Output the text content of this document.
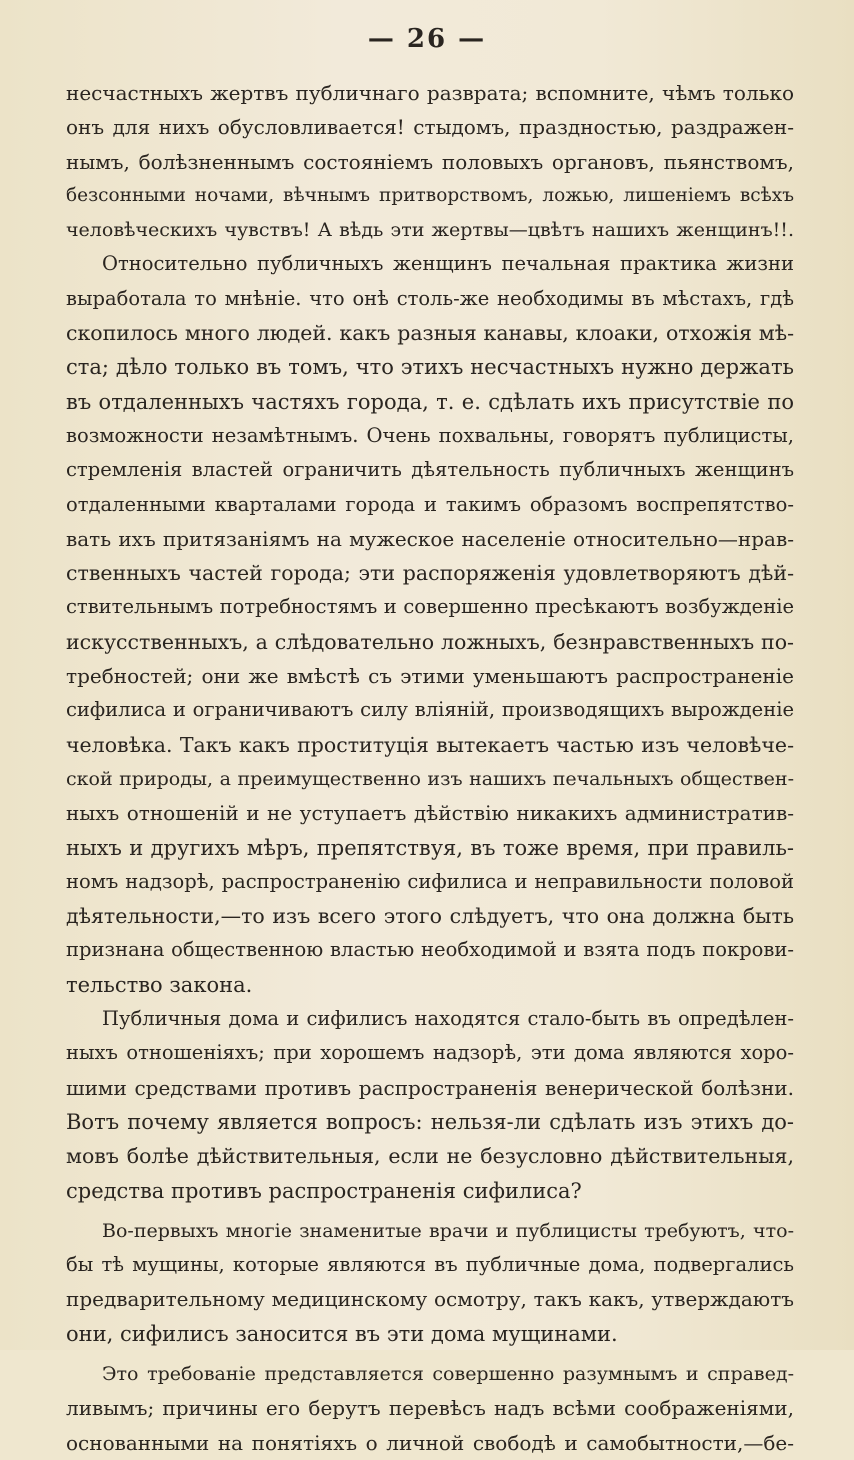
— 26 —
несчастныхъ жертвъ публичнаго разврата; вспомните, чѣмъ только
онъ для нихъ обусловливается! стыдомъ, праздностью, раздражен-
нымъ, болѣзненнымъ состояніемъ половыхъ органовъ, пьянствомъ,
безсонными ночами, вѣчнымъ притворствомъ, ложью, лишеніемъ всѣхъ
человѣческихъ чувствъ! А вѣдь эти жертвы—цвѣтъ нашихъ женщинъ!!.
Относительно публичныхъ женщинъ печальная практика жизни
выработала то мнѣніе. что онѣ столь-же необходимы въ мѣстахъ, гдѣ
скопилось много людей. какъ разныя канавы, клоаки, отхожія мѣ-
ста; дѣло только въ томъ, что этихъ несчастныхъ нужно держать
въ отдаленныхъ частяхъ города, т. е. сдѣлать ихъ присутствіе по
возможности незамѣтнымъ. Очень похвальны, говорятъ публицисты,
стремленія властей ограничить дѣятельность публичныхъ женщинъ
отдаленными кварталами города и такимъ образомъ воспрепятство-
вать ихъ притязаніямъ на мужеское населеніе относительно—нрав-
ственныхъ частей города; эти распоряженія удовлетворяютъ дѣй-
ствительнымъ потребностямъ и совершенно пресѣкаютъ возбужденіе
искусственныхъ, а слѣдовательно ложныхъ, безнравственныхъ по-
требностей; они же вмѣстѣ съ этими уменьшаютъ распространеніе
сифилиса и ограничиваютъ силу вліяній, производящихъ вырожденіе
человѣка. Такъ какъ проституція вытекаетъ частью изъ человѣче-
ской природы, а преимущественно изъ нашихъ печальныхъ обществен-
ныхъ отношеній и не уступаетъ дѣйствію никакихъ административ-
ныхъ и другихъ мѣръ, препятствуя, въ тоже время, при правиль-
номъ надзорѣ, распространенію сифилиса и неправильности половой
дѣятельности,—то изъ всего этого слѣдуетъ, что она должна быть
признана общественною властью необходимой и взята подъ покрови-
тельство закона.
Публичныя дома и сифилисъ находятся стало-быть въ опредѣлен-
ныхъ отношеніяхъ; при хорошемъ надзорѣ, эти дома являются хоро-
шими средствами противъ распространенія венерической болѣзни.
Вотъ почему является вопросъ: нельзя-ли сдѣлать изъ этихъ до-
мовъ болѣе дѣйствительныя, если не безусловно дѣйствительныя,
средства противъ распространенія сифилиса?
Во-первыхъ многіе знаменитые врачи и публицисты требуютъ, что-
бы тѣ мущины, которые являются въ публичные дома, подвергались
предварительному медицинскому осмотру, такъ какъ, утверждаютъ
они, сифилисъ заносится въ эти дома мущинами.
Это требованіе представляется совершенно разумнымъ и справед-
ливымъ; причины его берутъ перевѣсъ надъ всѣми соображеніями,
основанными на понятіяхъ о личной свободѣ и самобытности,—бе-
